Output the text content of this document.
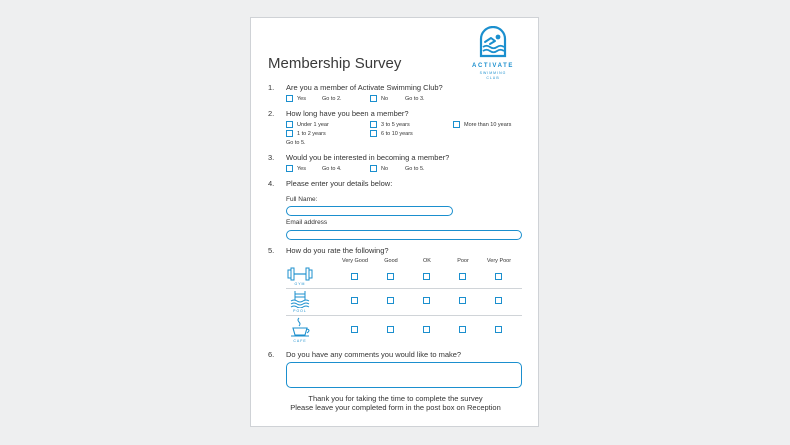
Membership Survey	ACTIVATE
SWIMMING
CLUB
1. Are you a member of Activate Swimming Club?
Yes	Go to 2.	No	Go to 3.
2. How long have you been a member?
Under 1 year	3 to 5 years	More than 10 years
1 to 2 years	6 to 10 years
Go to 5.
3. Would you be interested in becoming a member?
Yes	Go to 4.	No	Go to 5.
4. Please enter your details below:
Full Name:
Email address
5. How do you rate the following?
Very Good	Good	OK	Poor	Very Poor
GYM
POOL
CAFE
6. Do you have any comments you would like to make?
Thank you for taking the time to complete the survey
Please leave your completed form in the post box on Reception
